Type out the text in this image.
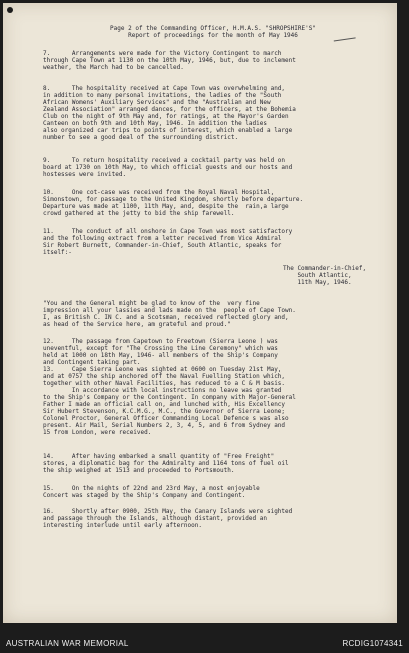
Page 2 of the Commanding Officer, H.M.A.S. "SHROPSHIRE'S"
Report of proceedings for the month of May 1946
7.      Arrangements were made for the Victory Contingent to march
through Cape Town at 1130 on the 10th May, 1946, but, due to inclement
weather, the March had to be cancelled.
8.      The hospitality received at Cape Town was overwhelming and,
in addition to many personal invitations, the ladies of the "South
African Womens' Auxiliary Services" and the "Australian and New
Zealand Association" arranged dances, for the officers, at the Bohemia
Club on the night of 9th May and, for ratings, at the Mayor's Garden
Canteen on both 9th and 10th May, 1946. In addition the ladies
also organized car trips to points of interest, which enabled a large
number to see a good deal of the surrounding district.
9.      To return hospitality received a cocktail party was held on
board at 1730 on 10th May, to which official guests and our hosts and
hostesses were invited.
10.     One cot-case was received from the Royal Naval Hospital,
Simonstown, for passage to the United Kingdom, shortly before departure.
Departure was made at 1100, 11th May, and, despite the  rain,a large
crowd gathered at the jetty to bid the ship farewell.
11.     The conduct of all onshore in Cape Town was most satisfactory
and the following extract from a letter received from Vice Admiral
Sir Robert Burnett, Commander-in-Chief, South Atlantic, speaks for
itself:-
The Commander-in-Chief,
South Atlantic,
11th May, 1946.
"You and the General might be glad to know of the  very fine
impression all your lassies and lads made on the  people of Cape Town.
I, as British C. IN C. and a Scotsman, received reflected glory and,
as head of the Service here, am grateful and proud."
12.     The passage from Capetown to Freetown (Sierra Leone ) was
uneventful, except for "The Crossing the Line Ceremony" which was
held at 1000 on 18th May, 1946- all members of the Ship's Company
and Contingent taking part.
13.     Cape Sierra Leone was sighted at 0600 on Tuesday 21st May,
and at 0757 the ship anchored off the Naval Fuelling Station which,
together with other Naval Facilities, has reduced to a C & M basis.
In accordance with local instructions no leave was granted
to the Ship's Company or the Contingent. In company with Major-General
Father I made an official call on, and lunched with, His Excellency
Sir Hubert Stevenson, K.C.M.G., M.C., the Governor of Sierra Leone;
Colonel Proctor, General Officer Commanding Local Defence s was also
present. Air Mail, Serial Numbers 2, 3, 4, 5, and 6 from Sydney and
15 from London, were received.
14.     After having embarked a small quantity of "Free Freight"
stores, a diplomatic bag for the Admiralty and 1164 tons of fuel oil
the ship weighed at 1513 and proceeded to Portsmouth.
15.     On the nights of 22nd and 23rd May, a most enjoyable
Concert was staged by the Ship's Company and Contingent.
16.     Shortly after 0900, 25th May, the Canary Islands were sighted
and passage through the Islands, although distant, provided an
interesting interlude until early afternoon.
AUSTRALIAN WAR MEMORIAL	RCDIG1074341
